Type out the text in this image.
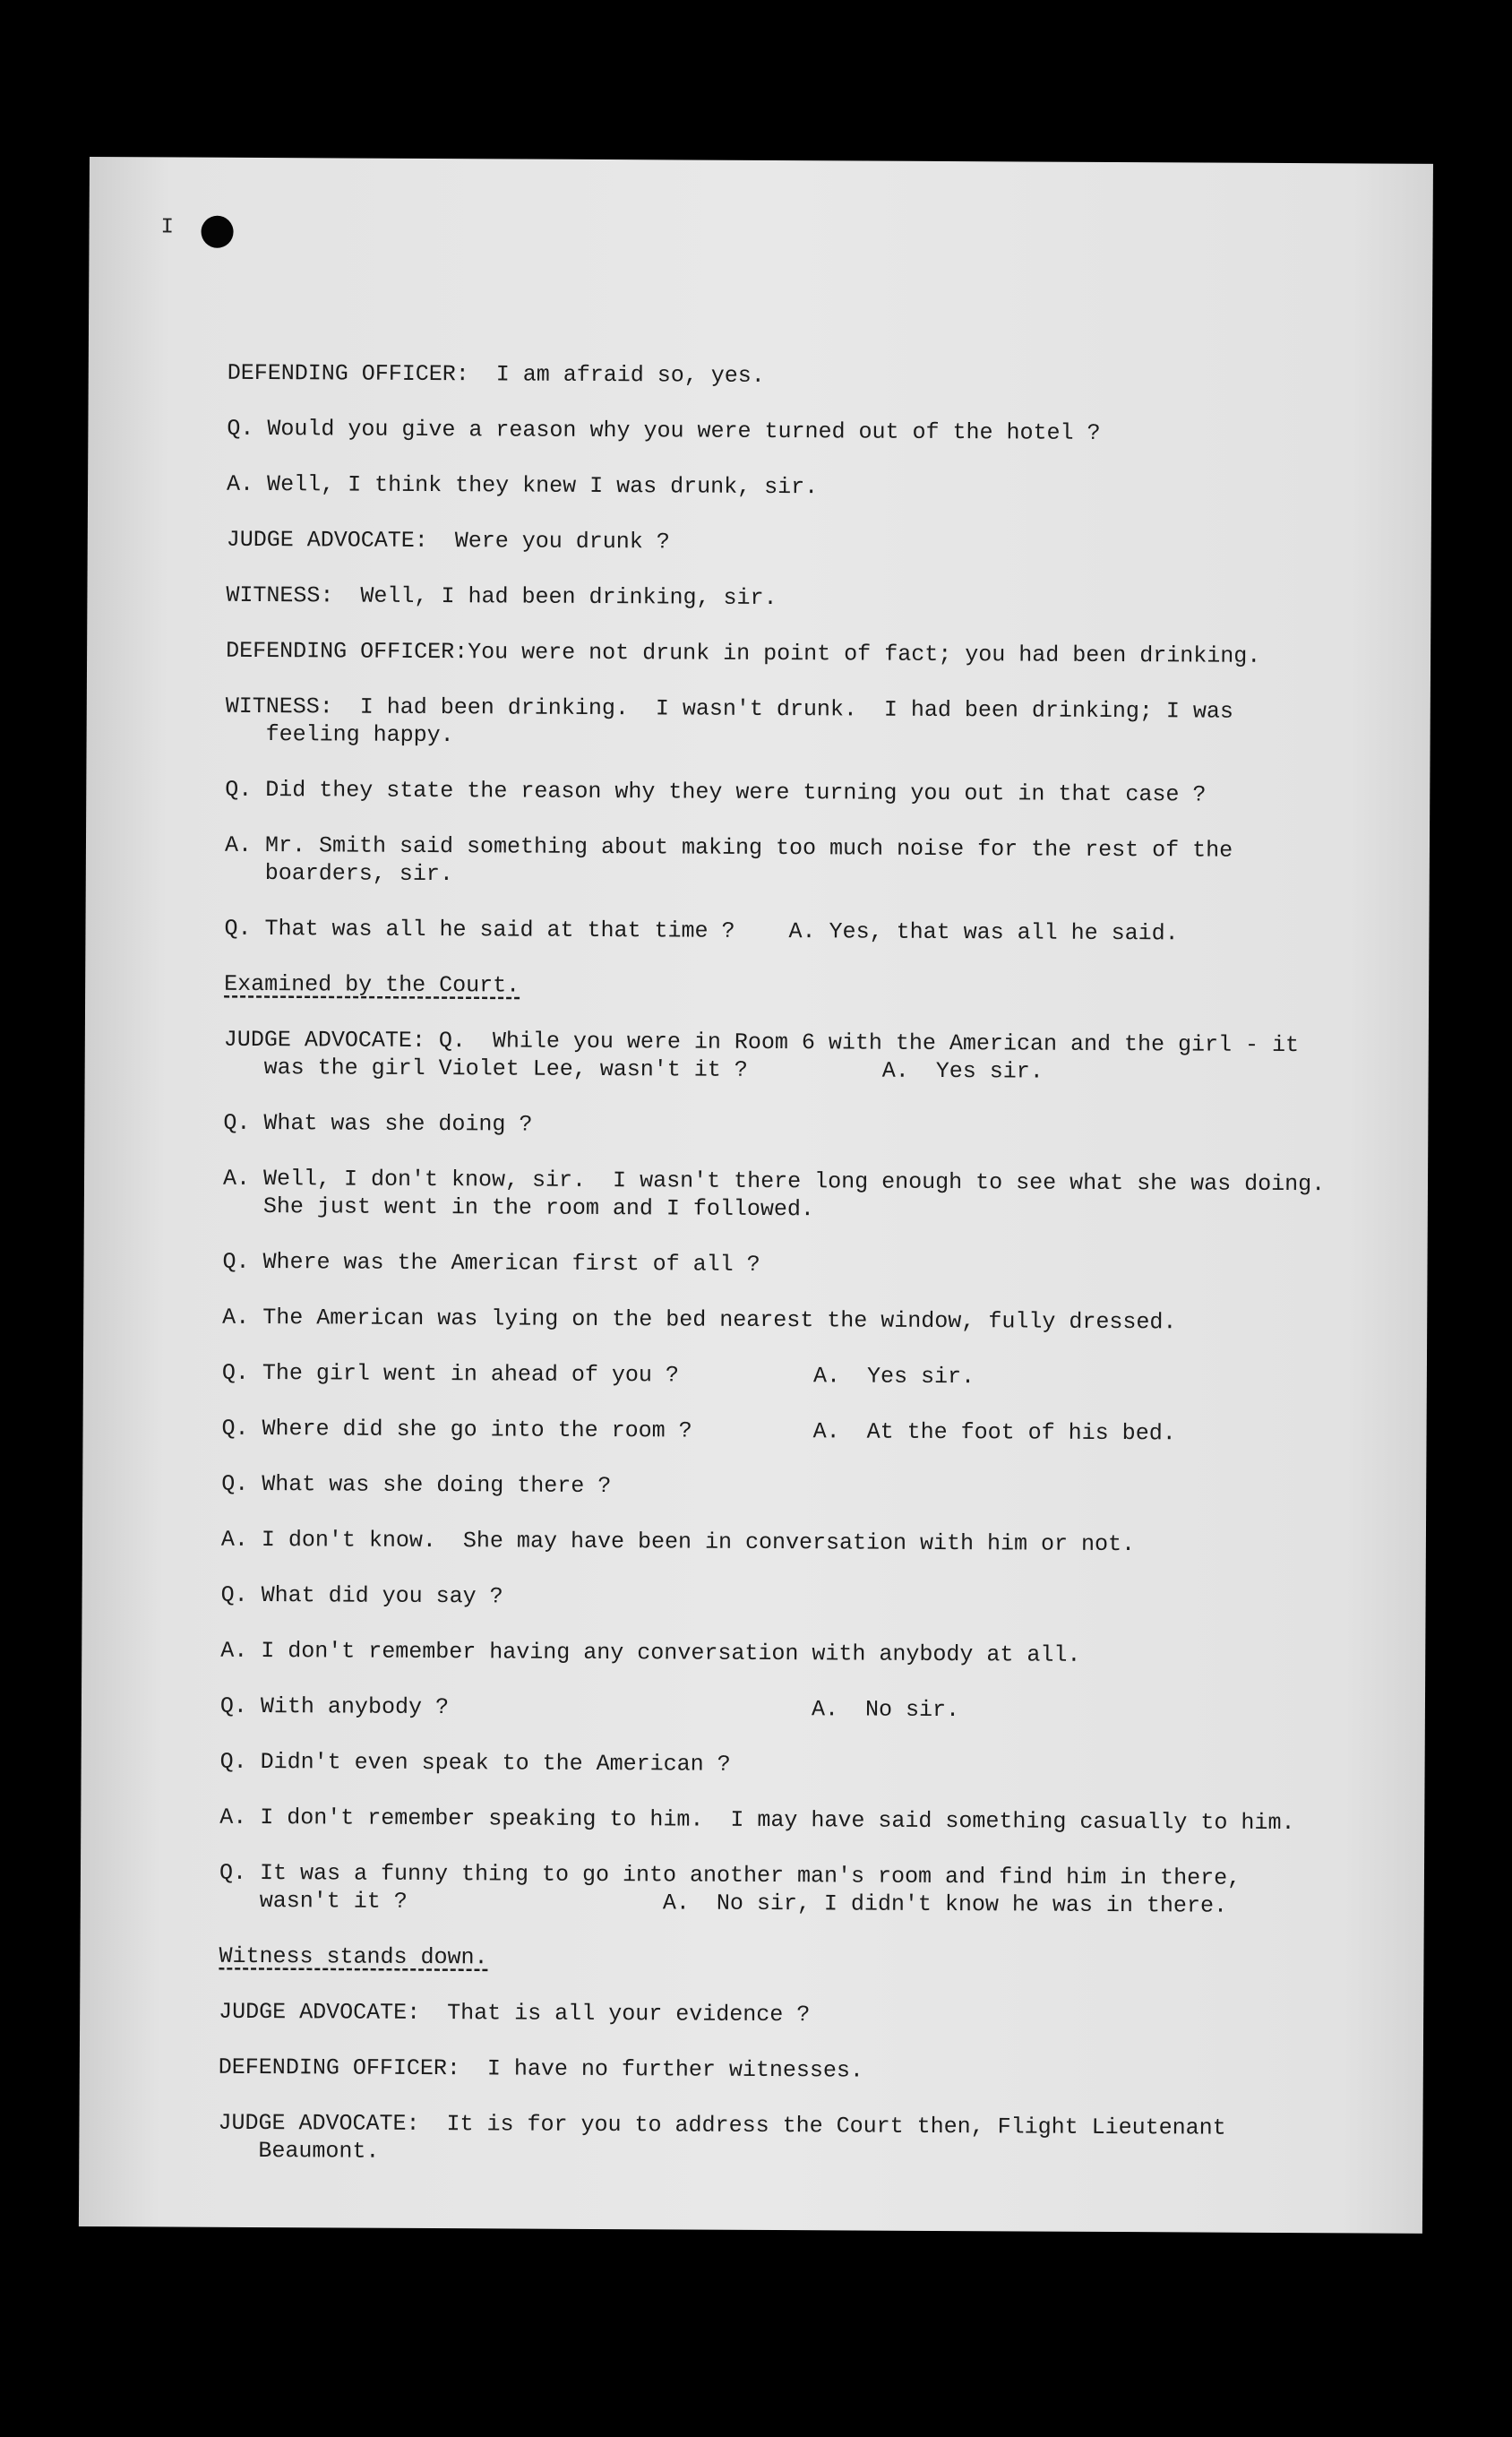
I

DEFENDING OFFICER:  I am afraid so, yes.

Q. Would you give a reason why you were turned out of the hotel ?

A. Well, I think they knew I was drunk, sir.

JUDGE ADVOCATE:  Were you drunk ?

WITNESS:  Well, I had been drinking, sir.

DEFENDING OFFICER:You were not drunk in point of fact; you had been drinking.

WITNESS:  I had been drinking.  I wasn't drunk.  I had been drinking; I was
feeling happy.

Q. Did they state the reason why they were turning you out in that case ?

A. Mr. Smith said something about making too much noise for the rest of the
boarders, sir.

Q. That was all he said at that time ?    A. Yes, that was all he said.

Examined by the Court.

JUDGE ADVOCATE: Q.  While you were in Room 6 with the American and the girl - it
was the girl Violet Lee, wasn't it ?          A.  Yes sir.

Q. What was she doing ?

A. Well, I don't know, sir.  I wasn't there long enough to see what she was doing.
She just went in the room and I followed.

Q. Where was the American first of all ?

A. The American was lying on the bed nearest the window, fully dressed.

Q. The girl went in ahead of you ?          A.  Yes sir.

Q. Where did she go into the room ?         A.  At the foot of his bed.

Q. What was she doing there ?

A. I don't know.  She may have been in conversation with him or not.

Q. What did you say ?

A. I don't remember having any conversation with anybody at all.

Q. With anybody ?                           A.  No sir.

Q. Didn't even speak to the American ?

A. I don't remember speaking to him.  I may have said something casually to him.

Q. It was a funny thing to go into another man's room and find him in there,
wasn't it ?                   A.  No sir, I didn't know he was in there.

Witness stands down.

JUDGE ADVOCATE:  That is all your evidence ?

DEFENDING OFFICER:  I have no further witnesses.

JUDGE ADVOCATE:  It is for you to address the Court then, Flight Lieutenant
Beaumont.
